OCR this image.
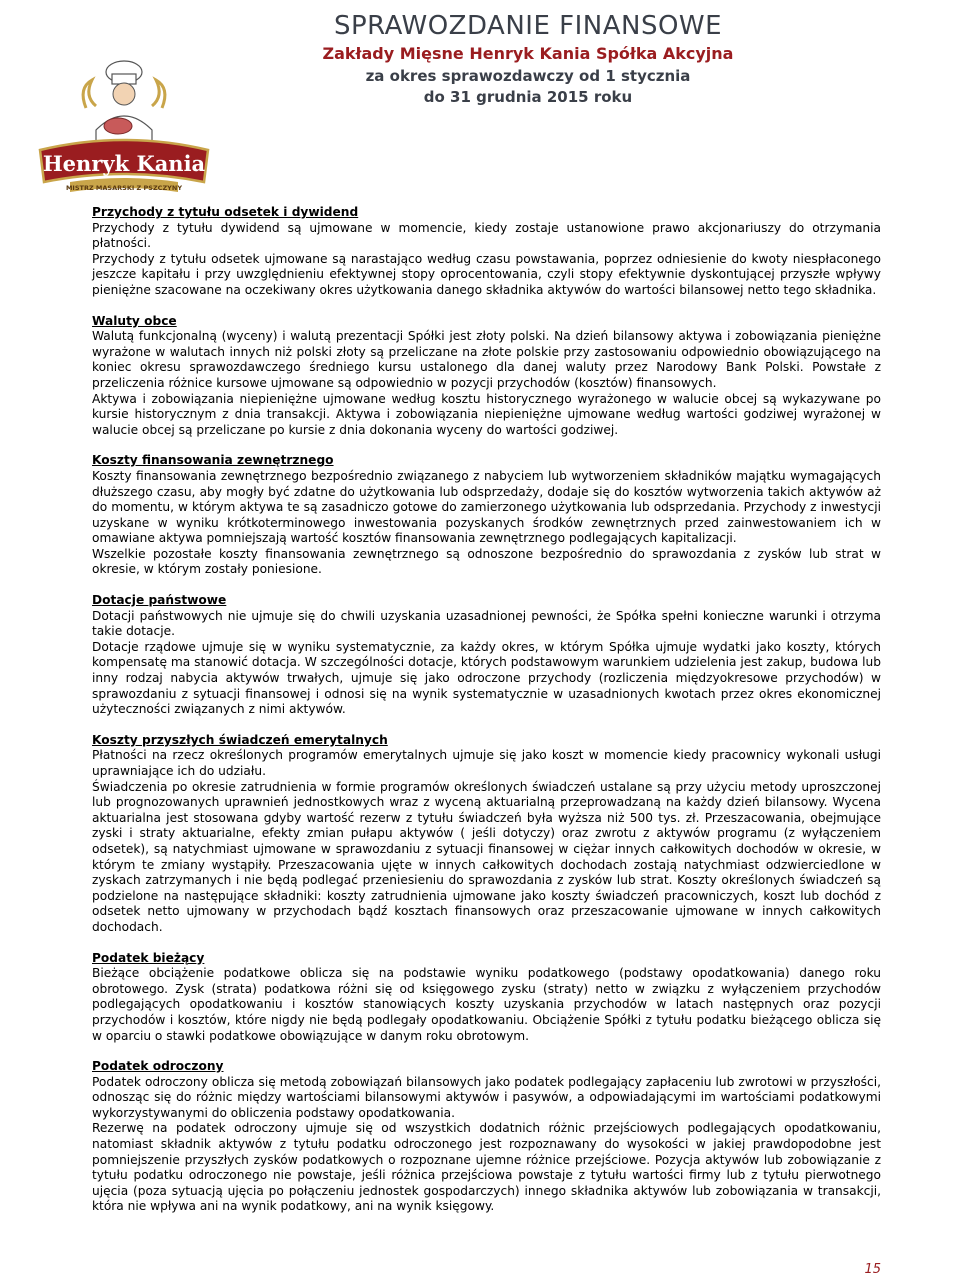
Henryk Kania
MISTRZ MASARSKI Z PSZCZYNY
SPRAWOZDANIE FINANSOWE
Zakłady Mięsne Henryk Kania Spółka Akcyjna
za okres sprawozdawczy od 1 stycznia
do 31 grudnia 2015 roku
Przychody z tytułu odsetek i dywidend

Przychody z tytułu dywidend są ujmowane w momencie, kiedy zostaje ustanowione prawo akcjonariuszy do otrzymania płatności.

Przychody z tytułu odsetek ujmowane są narastająco według czasu powstawania, poprzez odniesienie do kwoty niespłaconego jeszcze kapitału i przy uwzględnieniu efektywnej stopy oprocentowania, czyli stopy efektywnie dyskontującej przyszłe wpływy pieniężne szacowane na oczekiwany okres użytkowania danego składnika aktywów do wartości bilansowej netto tego składnika.

Waluty obce

Walutą funkcjonalną (wyceny) i walutą prezentacji Spółki jest złoty polski. Na dzień bilansowy aktywa i zobowiązania pieniężne wyrażone w walutach innych niż polski złoty są przeliczane na złote polskie przy zastosowaniu odpowiednio obowiązującego na koniec okresu sprawozdawczego średniego kursu ustalonego dla danej waluty przez Narodowy Bank Polski. Powstałe z przeliczenia różnice kursowe ujmowane są odpowiednio w pozycji przychodów (kosztów) finansowych.

Aktywa i zobowiązania niepieniężne ujmowane według kosztu historycznego wyrażonego w walucie obcej są wykazywane po kursie historycznym z dnia transakcji. Aktywa i zobowiązania niepieniężne ujmowane według wartości godziwej wyrażonej w walucie obcej są przeliczane po kursie z dnia dokonania wyceny do wartości godziwej.

Koszty finansowania zewnętrznego

Koszty finansowania zewnętrznego bezpośrednio związanego z nabyciem lub wytworzeniem składników majątku wymagających dłuższego czasu, aby mogły być zdatne do użytkowania lub odsprzedaży, dodaje się do kosztów wytworzenia takich aktywów aż do momentu, w którym aktywa te są zasadniczo gotowe do zamierzonego użytkowania lub odsprzedania. Przychody z inwestycji uzyskane w wyniku krótkoterminowego inwestowania pozyskanych środków zewnętrznych przed zainwestowaniem ich w omawiane aktywa pomniejszają wartość kosztów finansowania zewnętrznego podlegających kapitalizacji.

Wszelkie pozostałe koszty finansowania zewnętrznego są odnoszone bezpośrednio do sprawozdania z zysków lub strat w okresie, w którym zostały poniesione.

Dotacje państwowe

Dotacji państwowych nie ujmuje się do chwili uzyskania uzasadnionej pewności, że Spółka spełni konieczne warunki i otrzyma takie dotacje.

Dotacje rządowe ujmuje się w wyniku systematycznie, za każdy okres, w którym Spółka ujmuje wydatki jako koszty, których kompensatę ma stanowić dotacja. W szczególności dotacje, których podstawowym warunkiem udzielenia jest zakup, budowa lub inny rodzaj nabycia aktywów trwałych, ujmuje się jako odroczone przychody (rozliczenia międzyokresowe przychodów) w sprawozdaniu z sytuacji finansowej i odnosi się na wynik systematycznie w uzasadnionych kwotach przez okres ekonomicznej użyteczności związanych z nimi aktywów.

Koszty przyszłych świadczeń emerytalnych

Płatności na rzecz określonych programów emerytalnych ujmuje się jako koszt w momencie kiedy pracownicy wykonali usługi uprawniające ich do udziału.

Świadczenia po okresie zatrudnienia w formie programów określonych świadczeń ustalane są przy użyciu metody uproszczonej lub prognozowanych uprawnień jednostkowych wraz z wyceną aktuarialną przeprowadzaną na każdy dzień bilansowy. Wycena aktuarialna jest stosowana gdyby wartość rezerw z tytułu świadczeń była wyższa niż 500 tys. zł. Przeszacowania, obejmujące zyski i straty aktuarialne, efekty zmian pułapu aktywów ( jeśli dotyczy) oraz zwrotu z aktywów programu (z wyłączeniem odsetek), są natychmiast ujmowane w sprawozdaniu z sytuacji finansowej w ciężar innych całkowitych dochodów w okresie, w którym te zmiany wystąpiły. Przeszacowania ujęte w innych całkowitych dochodach zostają natychmiast odzwierciedlone w zyskach zatrzymanych i nie będą podlegać przeniesieniu do sprawozdania z zysków lub strat. Koszty określonych świadczeń są podzielone na następujące składniki: koszty zatrudnienia ujmowane jako koszty świadczeń pracowniczych, koszt lub dochód z odsetek netto ujmowany w przychodach bądź kosztach finansowych oraz przeszacowanie ujmowane w innych całkowitych dochodach.

Podatek bieżący

Bieżące obciążenie podatkowe oblicza się na podstawie wyniku podatkowego (podstawy opodatkowania) danego roku obrotowego. Zysk (strata) podatkowa różni się od księgowego zysku (straty) netto w związku z wyłączeniem przychodów podlegających opodatkowaniu i kosztów stanowiących koszty uzyskania przychodów w latach następnych oraz pozycji przychodów i kosztów, które nigdy nie będą podlegały opodatkowaniu. Obciążenie Spółki z tytułu podatku bieżącego oblicza się w oparciu o stawki podatkowe obowiązujące w danym roku obrotowym.

Podatek odroczony

Podatek odroczony oblicza się metodą zobowiązań bilansowych jako podatek podlegający zapłaceniu lub zwrotowi w przyszłości, odnosząc się do różnic między wartościami bilansowymi aktywów i pasywów, a odpowiadającymi im wartościami podatkowymi wykorzystywanymi do obliczenia podstawy opodatkowania.

Rezerwę na podatek odroczony ujmuje się od wszystkich dodatnich różnic przejściowych podlegających opodatkowaniu, natomiast składnik aktywów z tytułu podatku odroczonego jest rozpoznawany do wysokości w jakiej prawdopodobne jest pomniejszenie przyszłych zysków podatkowych o rozpoznane ujemne różnice przejściowe. Pozycja aktywów lub zobowiązanie z tytułu podatku odroczonego nie powstaje, jeśli różnica przejściowa powstaje z tytułu wartości firmy lub z tytułu pierwotnego ujęcia (poza sytuacją ujęcia po połączeniu jednostek gospodarczych) innego składnika aktywów lub zobowiązania w transakcji, która nie wpływa ani na wynik podatkowy, ani na wynik księgowy.

15
